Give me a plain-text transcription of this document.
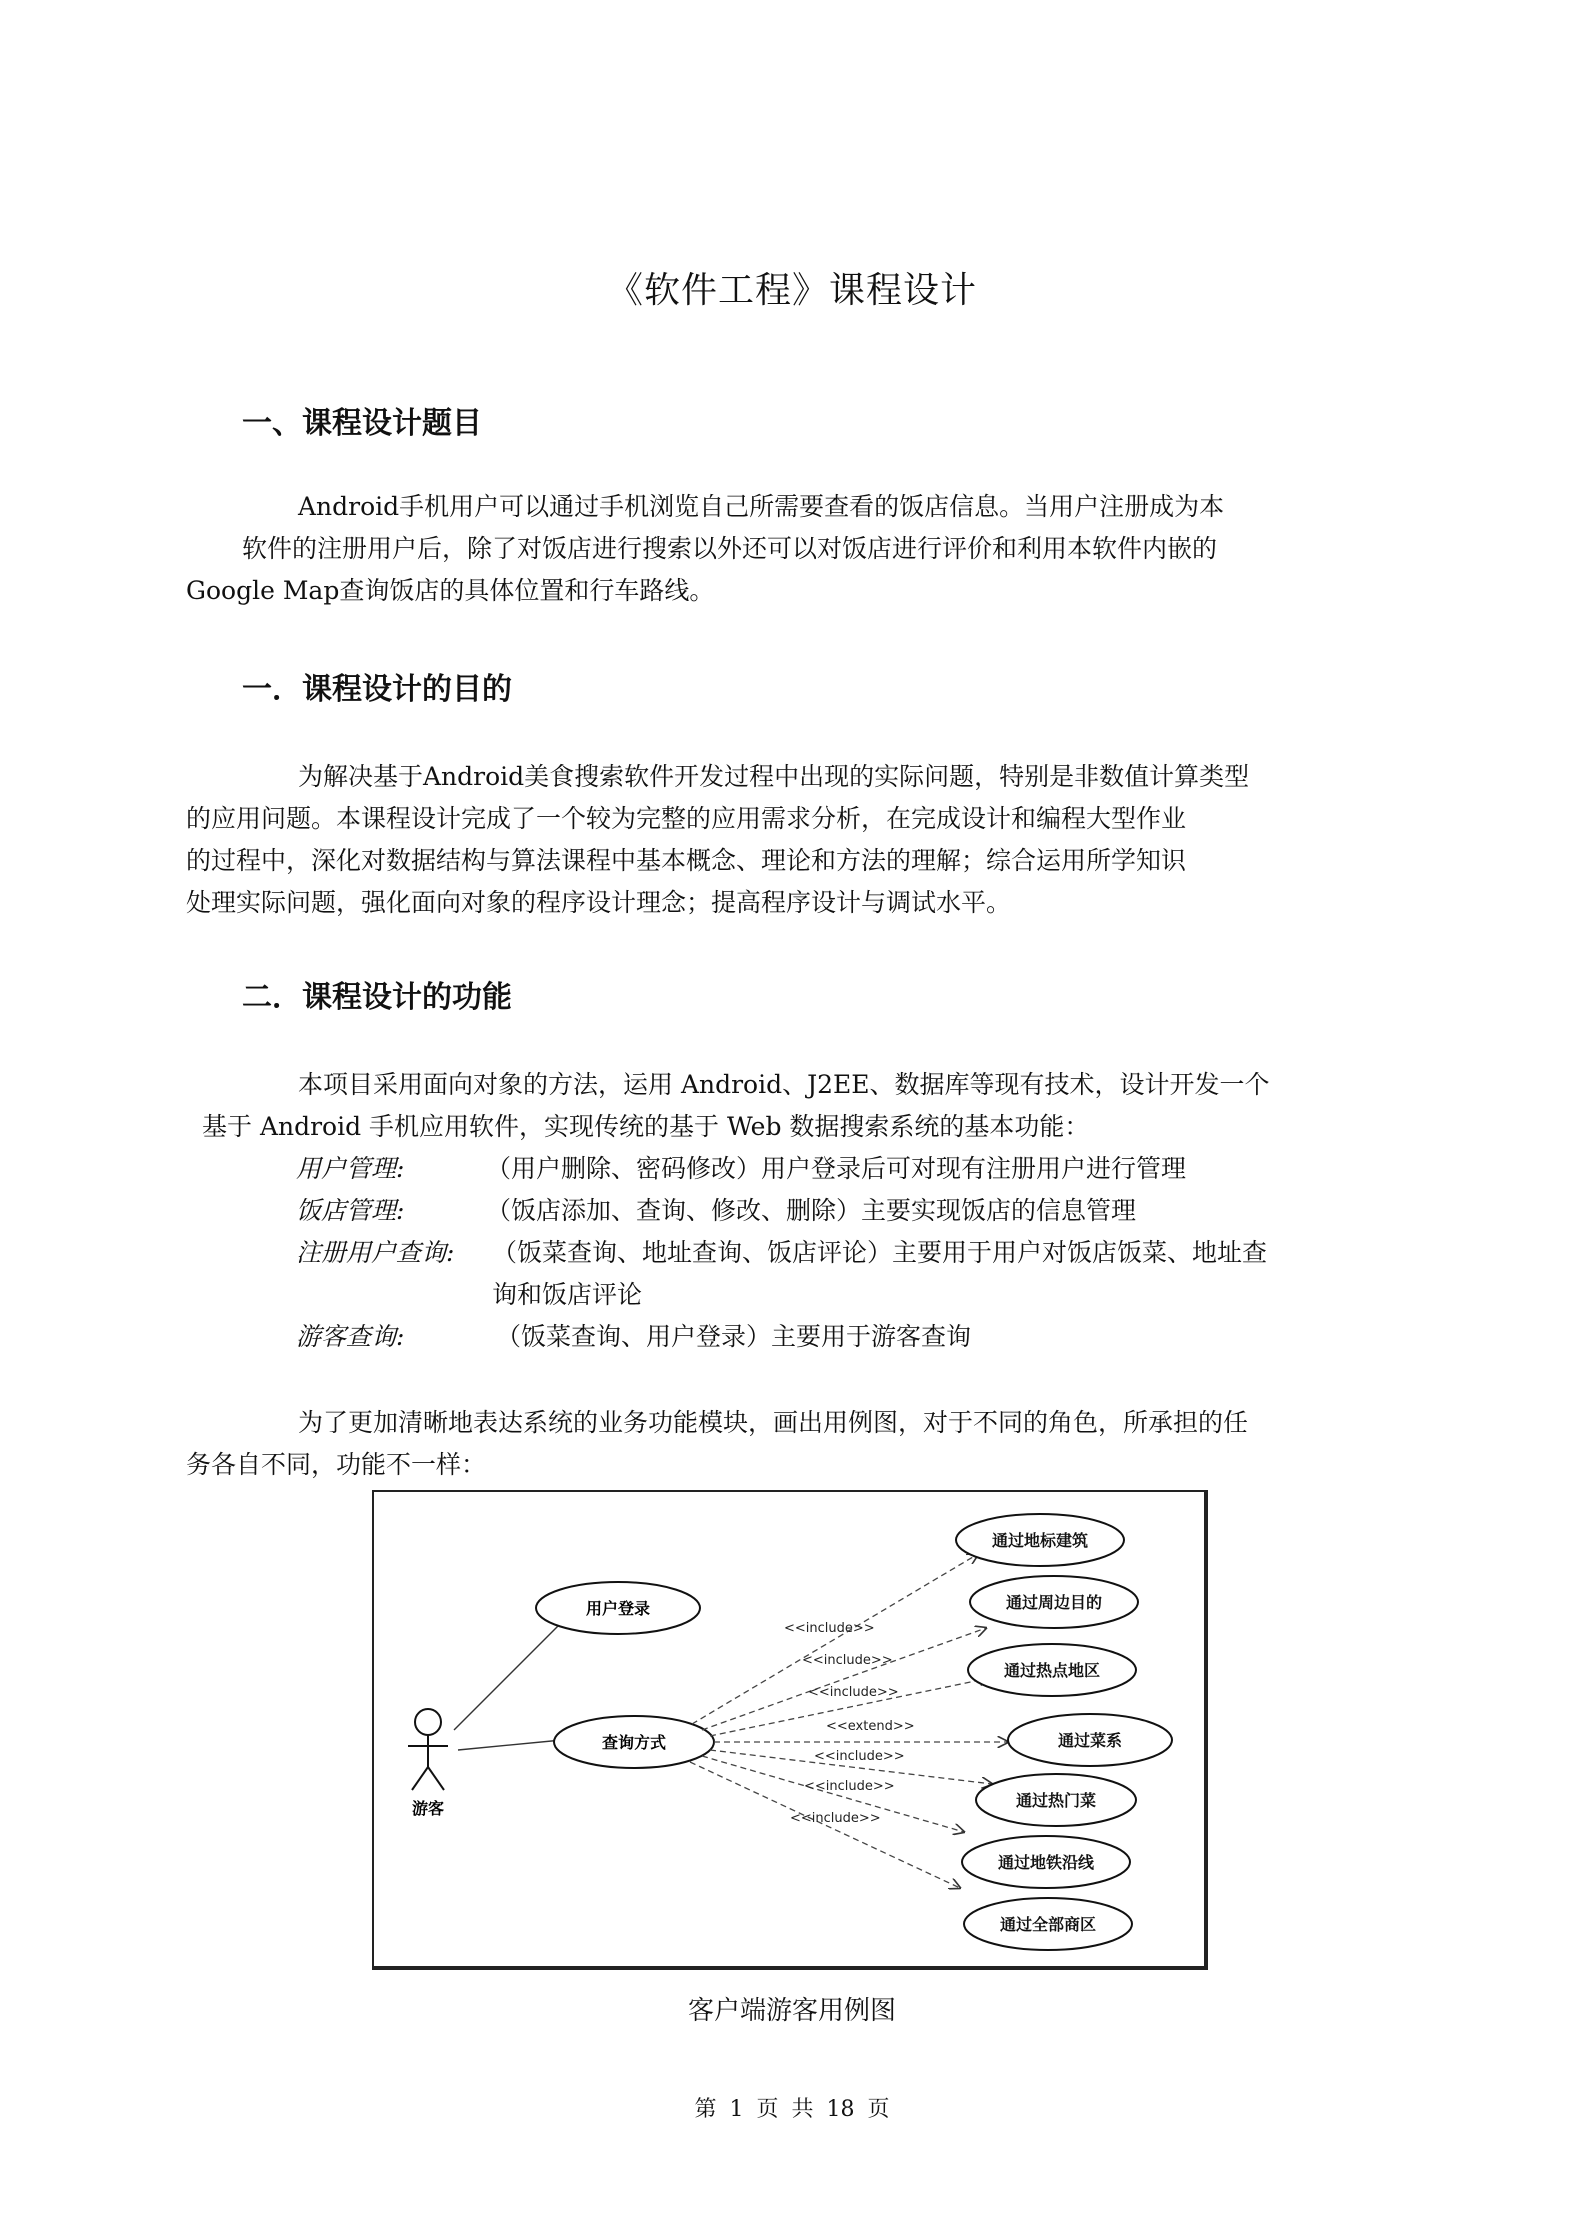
《软件工程》课程设计
一、课程设计题目

Android手机用户可以通过手机浏览自己所需要查看的饭店信息。当用户注册成为本
软件的注册用户后，除了对饭店进行搜索以外还可以对饭店进行评价和利用本软件内嵌的
Google Map查询饭店的具体位置和行车路线。

一．课程设计的目的

为解决基于Android美食搜索软件开发过程中出现的实际问题，特别是非数值计算类型
的应用问题。本课程设计完成了一个较为完整的应用需求分析，在完成设计和编程大型作业
的过程中，深化对数据结构与算法课程中基本概念、理论和方法的理解；综合运用所学知识
处理实际问题，强化面向对象的程序设计理念；提高程序设计与调试水平。

二．课程设计的功能

本项目采用面向对象的方法，运用 Android、J2EE、数据库等现有技术，设计开发一个
基于 Android 手机应用软件，实现传统的基于 Web 数据搜索系统的基本功能：

用户管理:	（用户删除、密码修改）用户登录后可对现有注册用户进行管理
饭店管理:	（饭店添加、查询、修改、删除）主要实现饭店的信息管理
注册用户查询: （饭菜查询、地址查询、饭店评论）主要用于用户对饭店饭菜、地址查
询和饭店评论
游客查询:	（饭菜查询、用户登录）主要用于游客查询

为了更加清晰地表达系统的业务功能模块，画出用例图，对于不同的角色，所承担的任
务各自不同，功能不一样：

游客
用户登录
查询方式
<<include>>
<<include>>
<<include>>
<<extend>>
<<include>>
<<include>>
<<include>>
通过地标建筑
通过周边目的
通过热点地区
通过菜系
通过热门菜
通过地铁沿线
通过全部商区
客户端游客用例图
第 1 页 共 18 页
